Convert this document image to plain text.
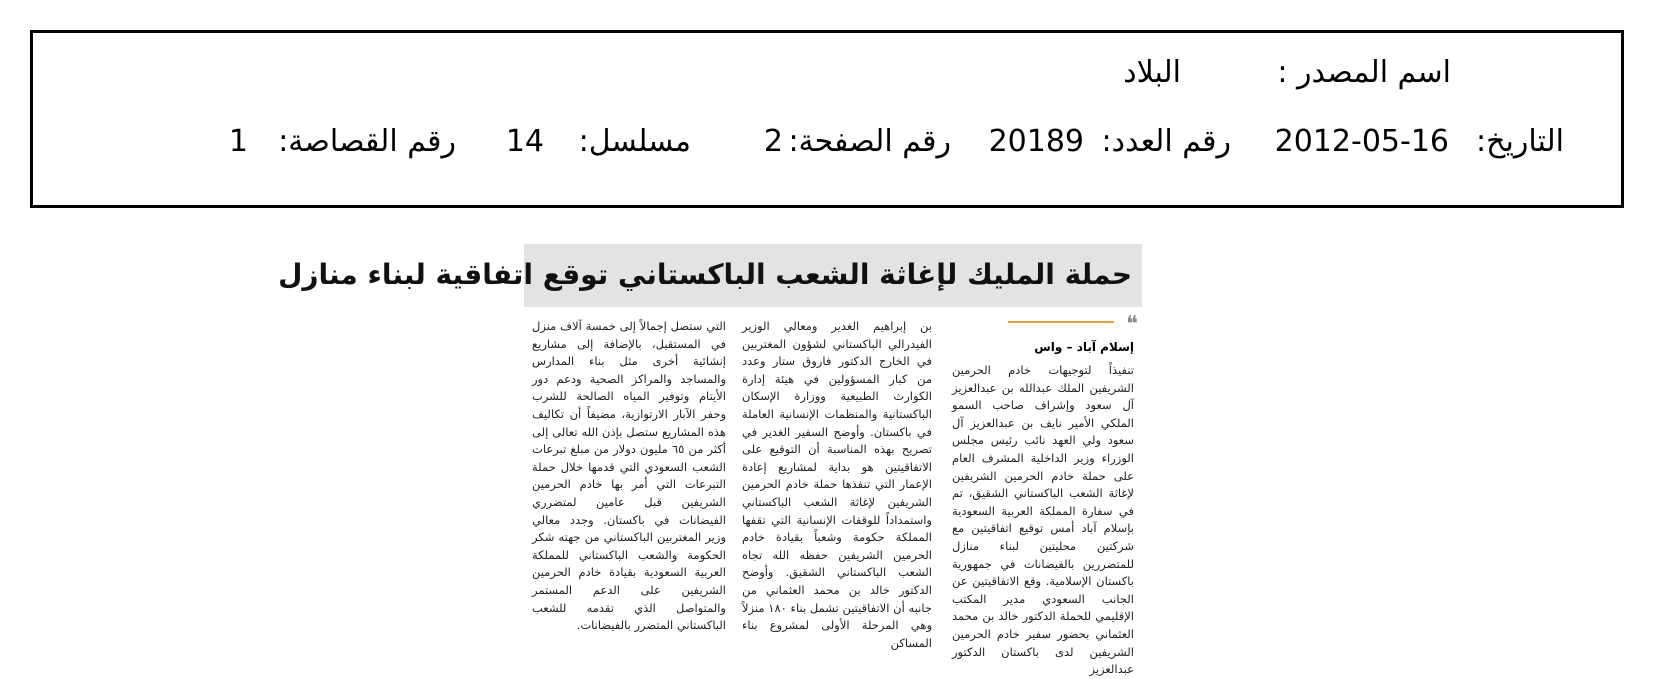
اسم المصدر :
البلاد
التاريخ:
2012-05-16
رقم العدد:
20189
رقم الصفحة:
2
مسلسل:
14
رقم القصاصة:
1
حملة المليك لإغاثة الشعب الباكستاني توقع اتفاقية لبناء منازل
❝
إسلام آباد – واس

تنفيذاً لتوجيهات خادم الحرمين الشريفين الملك عبدالله بن عبدالعزيز آل سعود وإشراف صاحب السمو الملكي الأمير نايف بن عبدالعزيز آل سعود ولي العهد نائب رئيس مجلس الوزراء وزير الداخلية المشرف العام على حملة خادم الحرمين الشريفين لإغاثة الشعب الباكستاني الشقيق، تم في سفارة المملكة العربية السعودية بإسلام آباد أمس توقيع اتفاقيتين مع شركتين محليتين لبناء منازل للمتضررين بالفيضانات في جمهورية باكستان الإسلامية. وقع الاتفاقيتين عن الجانب السعودي مدير المكتب الإقليمي للحملة الدكتور خالد بن محمد العثماني بحضور سفير خادم الحرمين الشريفين لدى باكستان الدكتور عبدالعزيز

بن إبراهيم الغدير ومعالي الوزير الفيدرالي الباكستاني لشؤون المغتربين في الخارج الدكتور فاروق ستار وعدد من كبار المسؤولين في هيئة إدارة الكوارث الطبيعية ووزارة الإسكان الباكستانية والمنظمات الإنسانية العاملة في باكستان. وأوضح السفير الغدير في تصريح بهذه المناسبة أن التوقيع على الاتفاقيتين هو بداية لمشاريع إعادة الإعمار التي تنفذها حملة خادم الحرمين الشريفين لإغاثة الشعب الباكستاني واستمداداً للوقفات الإنسانية التي تقفها المملكة حكومة وشعباً بقيادة خادم الحرمين الشريفين حفظه الله تجاه الشعب الباكستاني الشقيق. وأوضح الدكتور خالد بن محمد العثماني من جانبه أن الاتفاقيتين تشمل بناء ١٨٠ منزلاً وهي المرحلة الأولى لمشروع بناء المساكن

التي ستصل إجمالاً إلى خمسة آلاف منزل في المستقبل، بالإضافة إلى مشاريع إنشائية أخرى مثل بناء المدارس والمساجد والمراكز الصحية ودعم دور الأيتام وتوفير المياه الصالحة للشرب وحفر الآبار الارتوازية، مضيفاً أن تكاليف هذه المشاريع ستصل بإذن الله تعالى إلى أكثر من ٦٥ مليون دولار من مبلغ تبرعات الشعب السعودي التي قدمها خلال حملة التبرعات التي أمر بها خادم الحرمين الشريفين قبل عامين لمتضرري الفيضانات في باكستان. وجدد معالي وزير المغتربين الباكستاني من جهته شكر الحكومة والشعب الباكستاني للمملكة العربية السعودية بقيادة خادم الحرمين الشريفين على الدعم المستمر والمتواصل الذي تقدمه للشعب الباكستاني المتضرر بالفيضانات.
